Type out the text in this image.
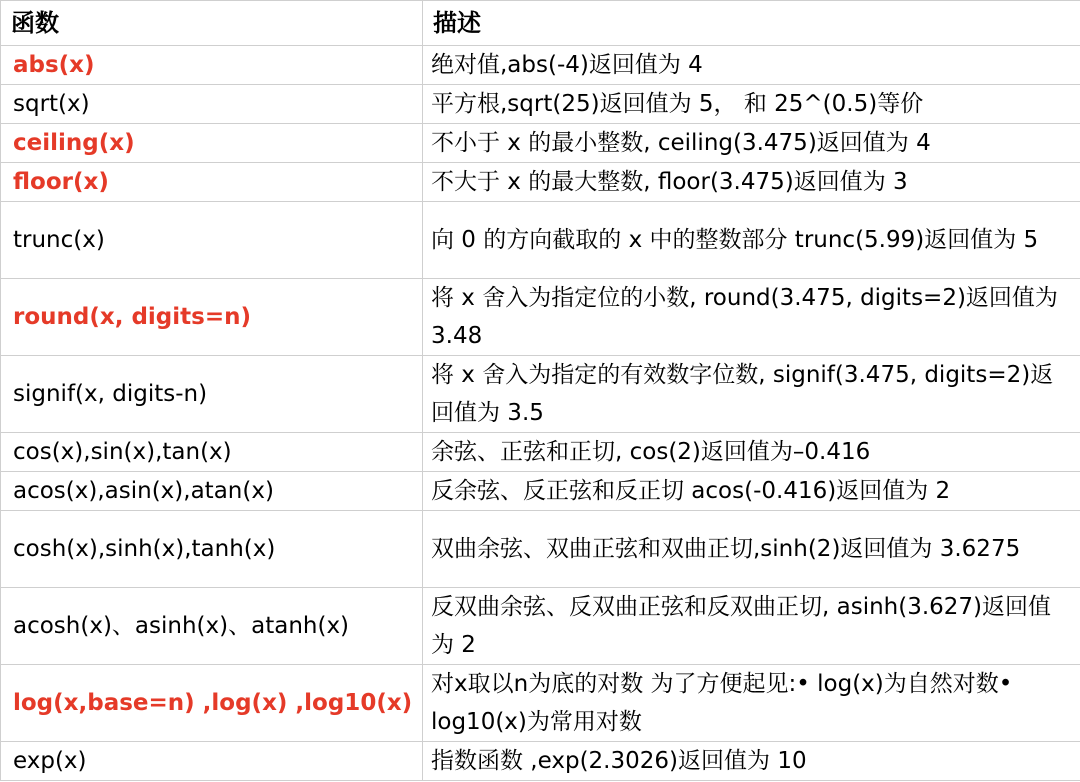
函数	描述
abs(x)	绝对值,abs(-4)返回值为 4
sqrt(x)	平方根,sqrt(25)返回值为 5， 和 25^(0.5)等价
ceiling(x)	不小于 x 的最小整数, ceiling(3.475)返回值为 4
floor(x)	不大于 x 的最大整数, floor(3.475)返回值为 3
trunc(x)	向 0 的方向截取的 x 中的整数部分 trunc(5.99)返回值为 5
round(x, digits=n)	将 x 舍入为指定位的小数, round(3.475, digits=2)返回值为 3.48
signif(x, digits-n)	将 x 舍入为指定的有效数字位数, signif(3.475, digits=2)返回值为 3.5
cos(x),sin(x),tan(x)	余弦、正弦和正切, cos(2)返回值为–0.416
acos(x),asin(x),atan(x)	反余弦、反正弦和反正切 acos(-0.416)返回值为 2
cosh(x),sinh(x),tanh(x)	双曲余弦、双曲正弦和双曲正切,sinh(2)返回值为 3.6275
acosh(x)、asinh(x)、atanh(x)	反双曲余弦、反双曲正弦和反双曲正切, asinh(3.627)返回值为 2
log(x,base=n) ,log(x) ,log10(x)	对x取以n为底的对数 为了方便起见:• log(x)为自然对数• log10(x)为常用对数
exp(x)	指数函数 ,exp(2.3026)返回值为 10
